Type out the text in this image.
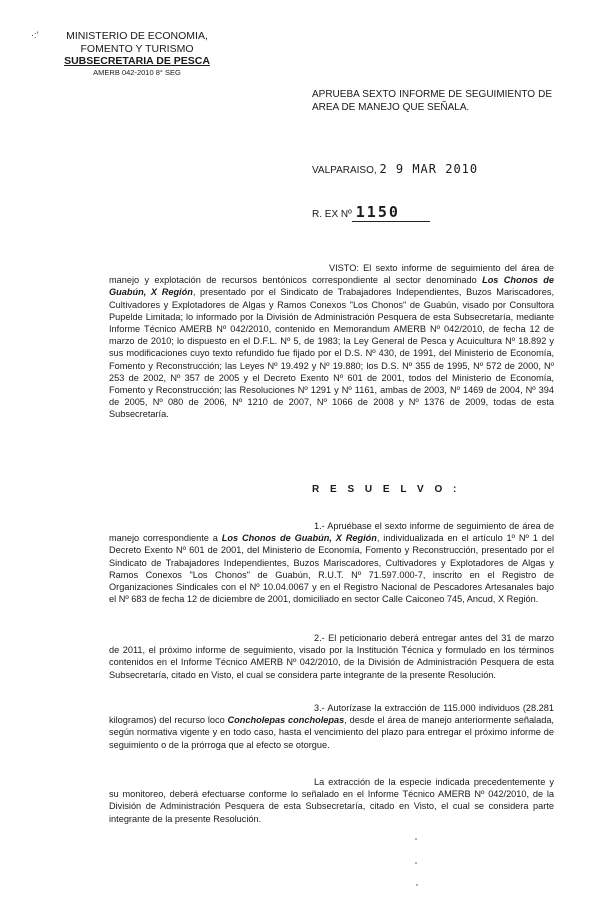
·:'	MINISTERIO DE ECONOMIA,
FOMENTO Y TURISMO
SUBSECRETARIA DE PESCA
AMERB 042-2010 8° SEG
APRUEBA SEXTO INFORME DE SEGUIMIENTO DE AREA DE MANEJO QUE SEÑALA.
VALPARAISO, 2 9 MAR 2010
R. EX Nº 1150
VISTO: El sexto informe de seguimiento del área de manejo y explotación de recursos bentónicos correspondiente al sector denominado Los Chonos de Guabún, X Región, presentado por el Sindicato de Trabajadores Independientes, Buzos Mariscadores, Cultivadores y Explotadores de Algas y Ramos Conexos "Los Chonos" de Guabún, visado por Consultora Pupelde Limitada; lo informado por la División de Administración Pesquera de esta Subsecretaría, mediante Informe Técnico AMERB Nº 042/2010, contenido en Memorandum AMERB Nº 042/2010, de fecha 12 de marzo de 2010; lo dispuesto en el D.F.L. Nº 5, de 1983; la Ley General de Pesca y Acuicultura Nº 18.892 y sus modificaciones cuyo texto refundido fue fijado por el D.S. Nº 430, de 1991, del Ministerio de Economía, Fomento y Reconstrucción; las Leyes Nº 19.492 y Nº 19.880; los D.S. Nº 355 de 1995, Nº 572 de 2000, Nº 253 de 2002, Nº 357 de 2005 y el Decreto Exento Nº 601 de 2001, todos del Ministerio de Economía, Fomento y Reconstrucción; las Resoluciones Nº 1291 y Nº 1161, ambas de 2003, Nº 1469 de 2004, Nº 394 de 2005, Nº 080 de 2006, Nº 1210 de 2007, Nº 1066 de 2008 y Nº 1376 de 2009, todas de esta Subsecretaría.
R E S U E L V O :
1.- Apruébase el sexto informe de seguimiento de área de manejo correspondiente a Los Chonos de Guabún, X Región, individualizada en el artículo 1º Nº 1 del Decreto Exento Nº 601 de 2001, del Ministerio de Economía, Fomento y Reconstrucción, presentado por el Sindicato de Trabajadores Independientes, Buzos Mariscadores, Cultivadores y Explotadores de Algas y Ramos Conexos "Los Chonos" de Guabún, R.U.T. Nº 71.597.000-7, inscrito en el Registro de Organizaciones Sindicales con el Nº 10.04.0067 y en el Registro Nacional de Pescadores Artesanales bajo el Nº 683 de fecha 12 de diciembre de 2001, domiciliado en sector Calle Caiconeo 745, Ancud, X Región.
2.- El peticionario deberá entregar antes del 31 de marzo de 2011, el próximo informe de seguimiento, visado por la Institución Técnica y formulado en los términos contenidos en el Informe Técnico AMERB Nº 042/2010, de la División de Administración Pesquera de esta Subsecretaría, citado en Visto, el cual se considera parte integrante de la presente Resolución.
3.- Autorízase la extracción de 115.000 individuos (28.281 kilogramos) del recurso loco Concholepas concholepas, desde el área de manejo anteriormente señalada, según normativa vigente y en todo caso, hasta el vencimiento del plazo para entregar el próximo informe de seguimiento o de la prórroga que al efecto se otorgue.
La extracción de la especie indicada precedentemente y su monitoreo, deberá efectuarse conforme lo señalado en el Informe Técnico AMERB Nº 042/2010, de la División de Administración Pesquera de esta Subsecretaría, citado en Visto, el cual se considera parte integrante de la presente Resolución.
